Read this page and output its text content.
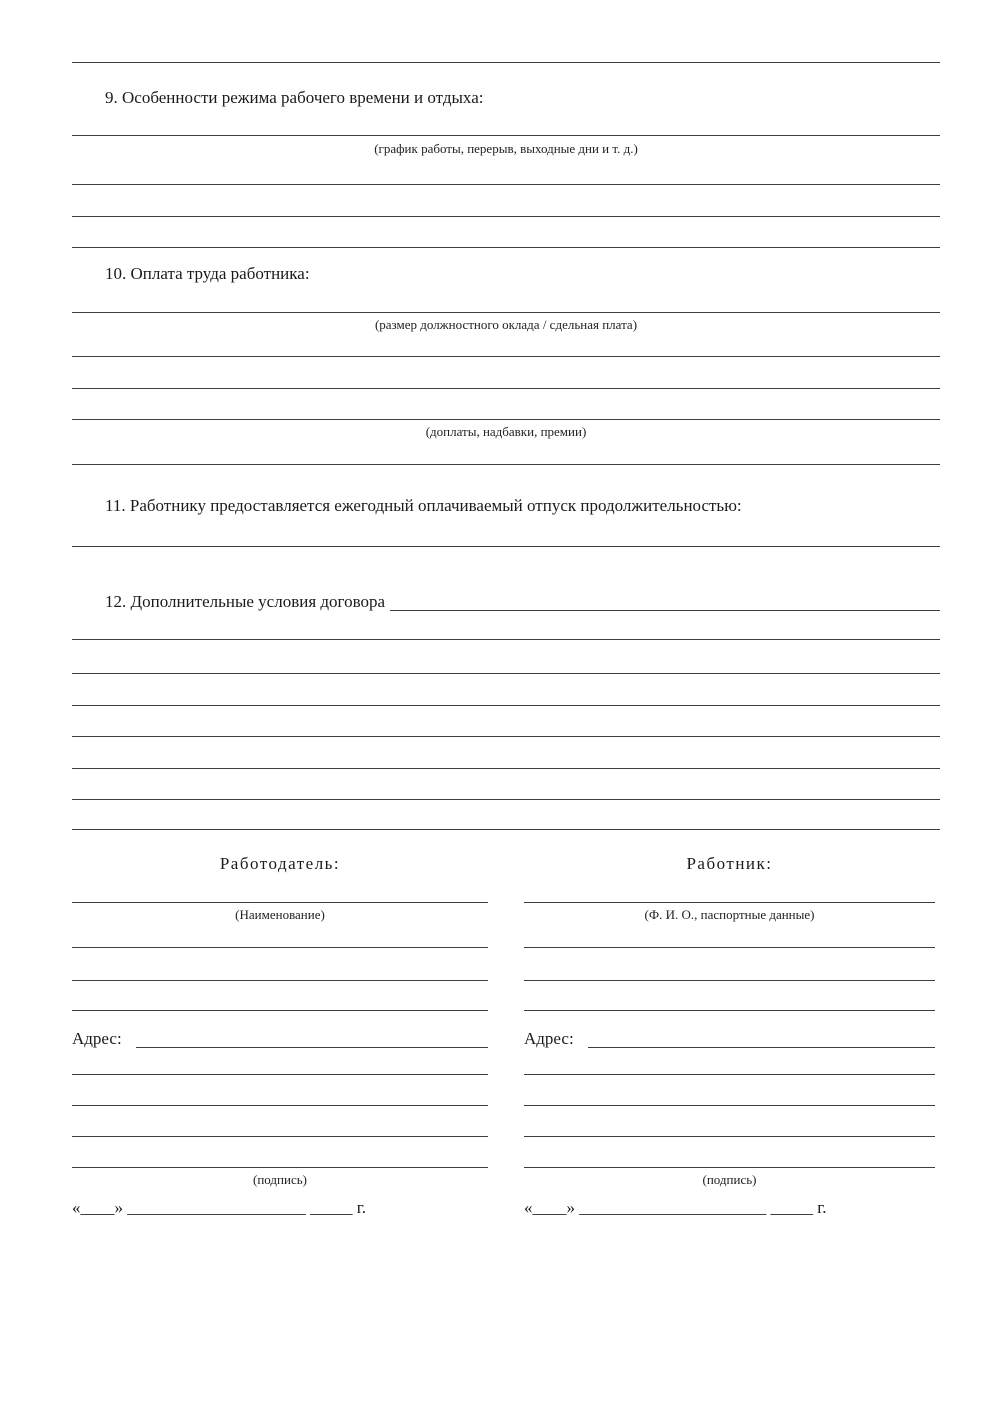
9. Особенности режима рабочего времени и отдыха:
(график работы, перерыв, выходные дни и т. д.)
10. Оплата труда работника:
(размер должностного оклада / сдельная плата)
(доплаты, надбавки, премии)
11. Работнику предоставляется ежегодный оплачиваемый отпуск продолжительностью:
12. Дополнительные условия договора
Работодатель:
(Наименование)
Адрес:
(подпись)
«____» _____________________ _____ г.
Работник:
(Ф. И. О., паспортные данные)
Адрес:
(подпись)
«____» ______________________ _____ г.
